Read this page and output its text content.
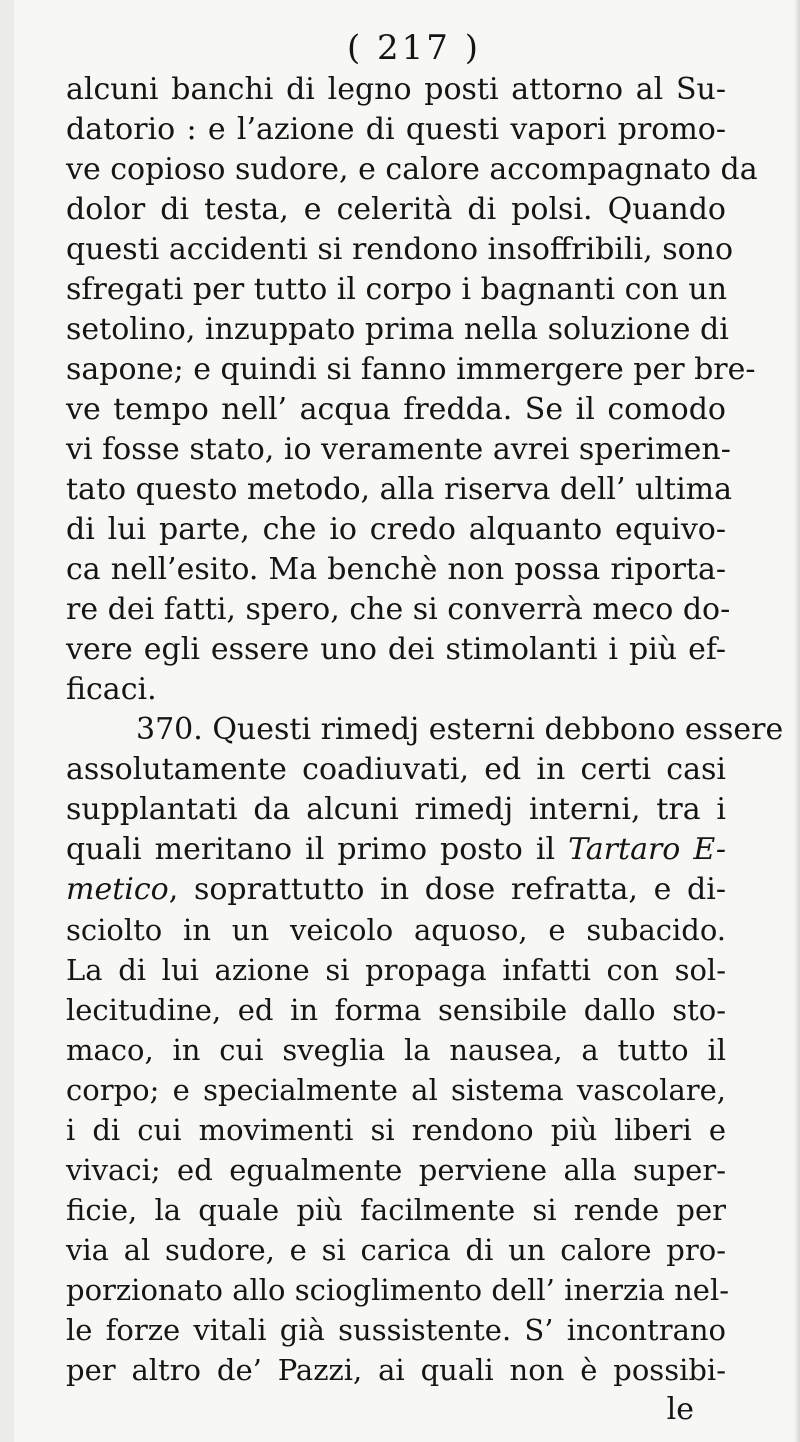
( 217 )
alcuni banchi di legno posti attorno al Su-
datorio : e l’azione di questi vapori promo-
ve copioso sudore, e calore accompagnato da
dolor di testa, e celerità di polsi. Quando
questi accidenti si rendono insoffribili, sono
sfregati per tutto il corpo i bagnanti con un
setolino, inzuppato prima nella soluzione di
sapone; e quindi si fanno immergere per bre-
ve tempo nell’ acqua fredda. Se il comodo
vi fosse stato, io veramente avrei sperimen-
tato questo metodo, alla riserva dell’ ultima
di lui parte, che io credo alquanto equivo-
ca nell’esito. Ma benchè non possa riporta-
re dei fatti, spero, che si converrà meco do-
vere egli essere uno dei stimolanti i più ef-
ficaci.
370. Questi rimedj esterni debbono essere
assolutamente coadiuvati, ed in certi casi
supplantati da alcuni rimedj interni, tra i
quali meritano il primo posto il Tartaro E-
metico, soprattutto in dose refratta, e di-
sciolto in un veicolo aquoso, e subacido.
La di lui azione si propaga infatti con sol-
lecitudine, ed in forma sensibile dallo sto-
maco, in cui sveglia la nausea, a tutto il
corpo; e specialmente al sistema vascolare,
i di cui movimenti si rendono più liberi e
vivaci; ed egualmente perviene alla super-
ficie, la quale più facilmente si rende per
via al sudore, e si carica di un calore pro-
porzionato allo scioglimento dell’ inerzia nel-
le forze vitali già sussistente. S’ incontrano
per altro de’ Pazzi, ai quali non è possibi-
le
